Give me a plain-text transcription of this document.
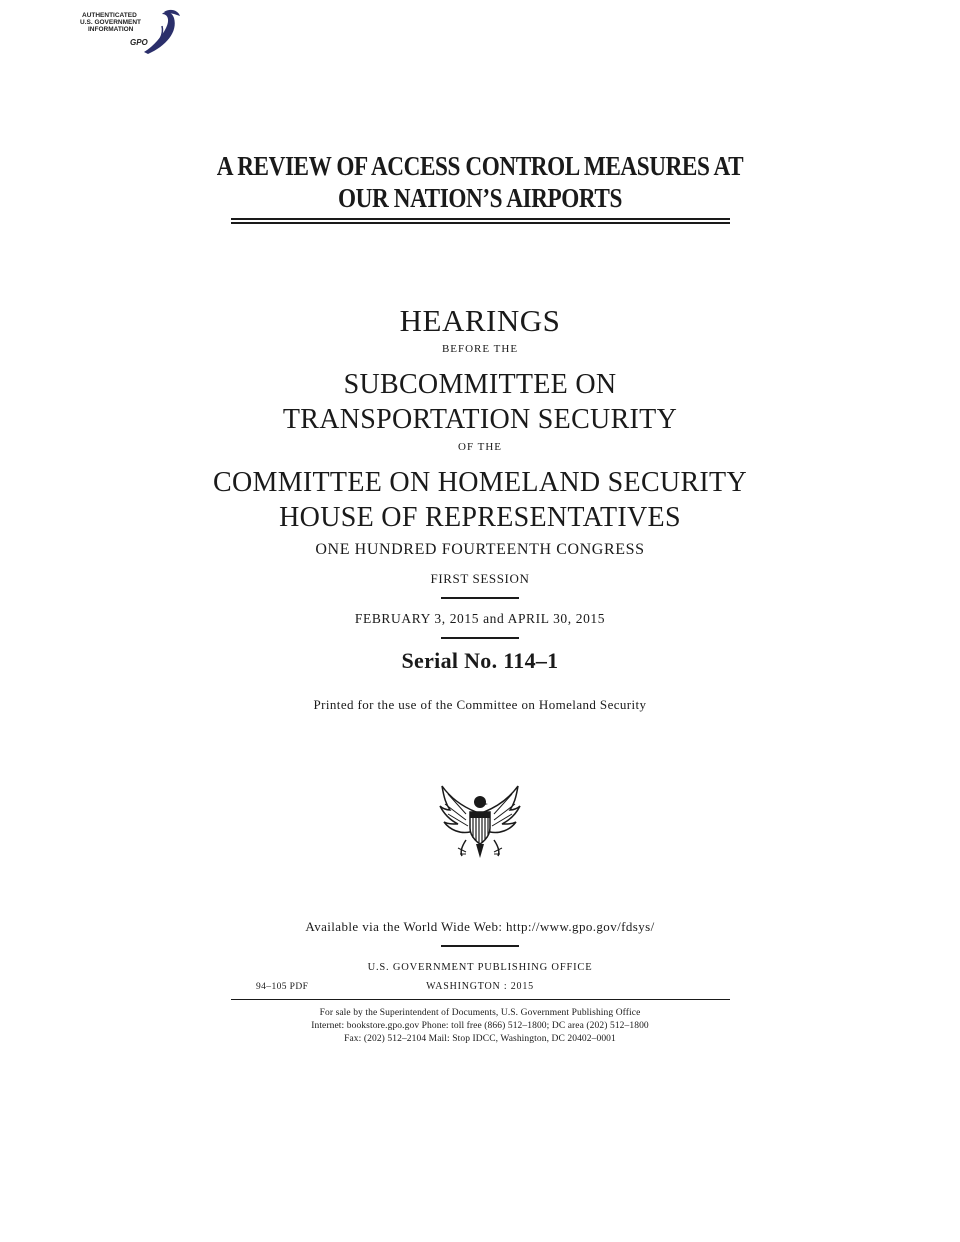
AUTHENTICATED
U.S. GOVERNMENT
INFORMATION
GPO
A REVIEW OF ACCESS CONTROL MEASURES AT
OUR NATION’S AIRPORTS
HEARINGS
BEFORE THE
SUBCOMMITTEE ON
TRANSPORTATION SECURITY
OF THE
COMMITTEE ON HOMELAND SECURITY
HOUSE OF REPRESENTATIVES
ONE HUNDRED FOURTEENTH CONGRESS
FIRST SESSION
FEBRUARY 3, 2015 and APRIL 30, 2015
Serial No. 114–1
Printed for the use of the Committee on Homeland Security
Available via the World Wide Web: http://www.gpo.gov/fdsys/
U.S. GOVERNMENT PUBLISHING OFFICE
94–105 PDF	WASHINGTON : 2015
For sale by the Superintendent of Documents, U.S. Government Publishing Office
Internet: bookstore.gpo.gov Phone: toll free (866) 512–1800; DC area (202) 512–1800
Fax: (202) 512–2104 Mail: Stop IDCC, Washington, DC 20402–0001
